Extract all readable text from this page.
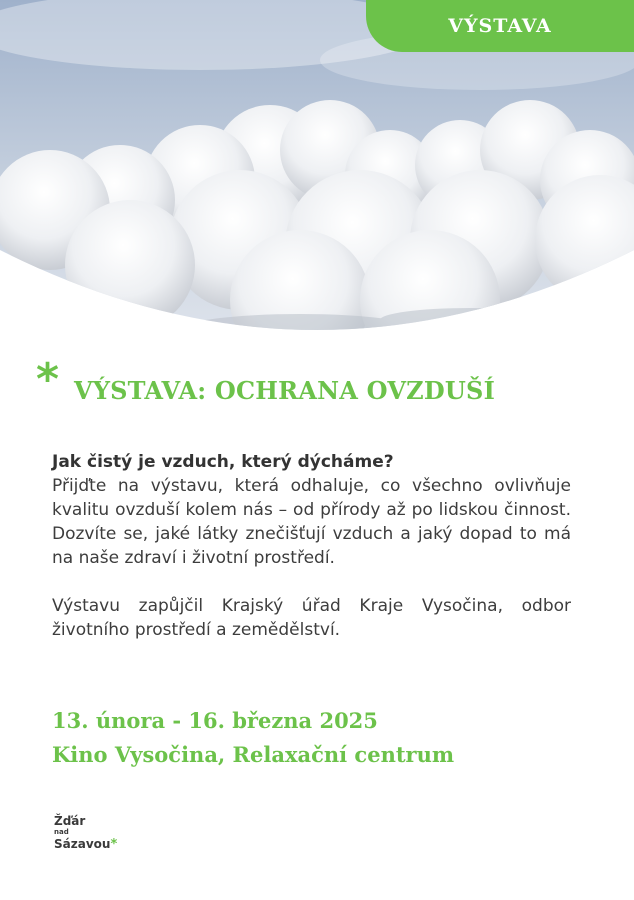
VÝSTAVA
* VÝSTAVA: OCHRANA OVZDUŠÍ

Jak čistý je vzduch, který dýcháme?

Přijďte na výstavu, která odhaluje, co všechno ovlivňuje kvalitu ovzduší kolem nás – od přírody až po lidskou činnost. Dozvíte se, jaké látky znečišťují vzduch a jaký dopad to má na naše zdraví i životní prostředí.

Výstavu zapůjčil Krajský úřad Kraje Vysočina, odbor životního prostředí a zemědělství.

13. února - 16. března 2025
Kino Vysočina, Relaxační centrum
Žďár
nad
Sázavou*
